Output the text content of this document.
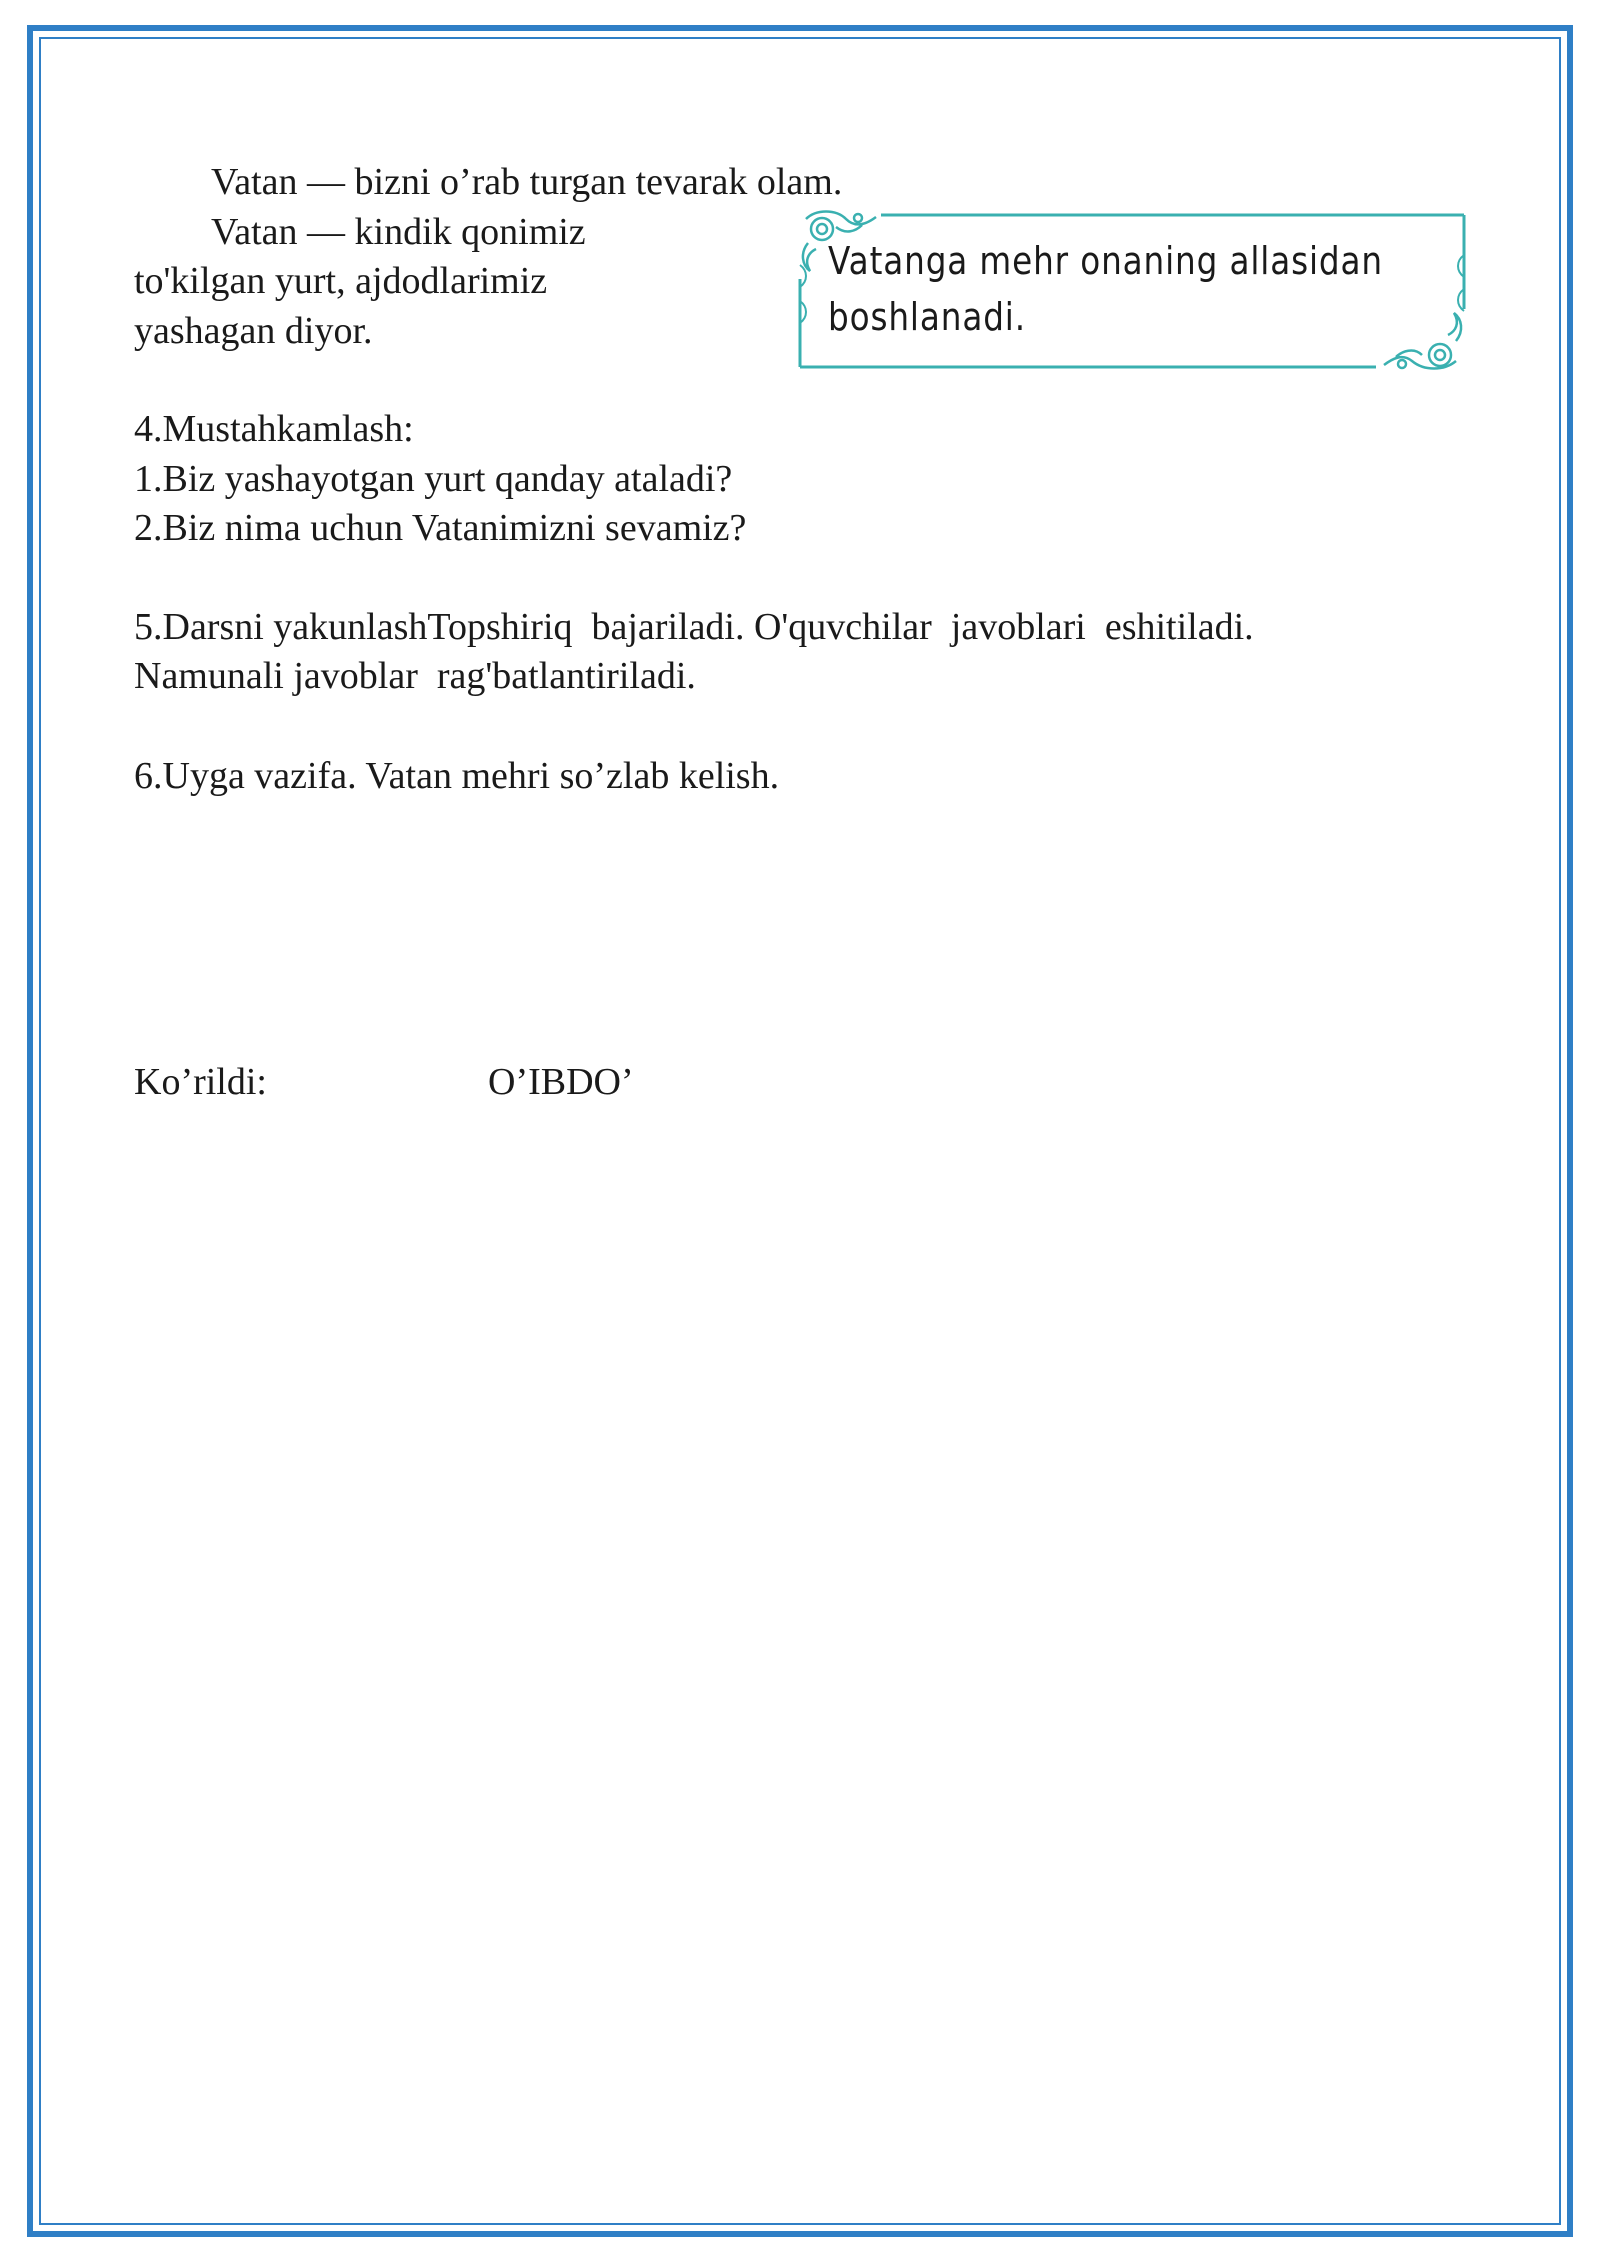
Vatan — bizni o’rab turgan tevarak olam.
Vatan — kindik qonimiz
to'kilgan yurt, ajdodlarimiz
yashagan diyor.
Vatanga mehr onaning allasidan
boshlanadi.
4.Mustahkamlash:
1.Biz yashayotgan yurt qanday ataladi?
2.Biz nima uchun Vatanimizni sevamiz?
5.Darsni yakunlashTopshiriq  bajariladi. O'quvchilar  javoblari  eshitiladi.
Namunali javoblar  rag'batlantiriladi.
6.Uyga vazifa. Vatan mehri so’zlab kelish.
Ko’rildi:	O’IBDO’
